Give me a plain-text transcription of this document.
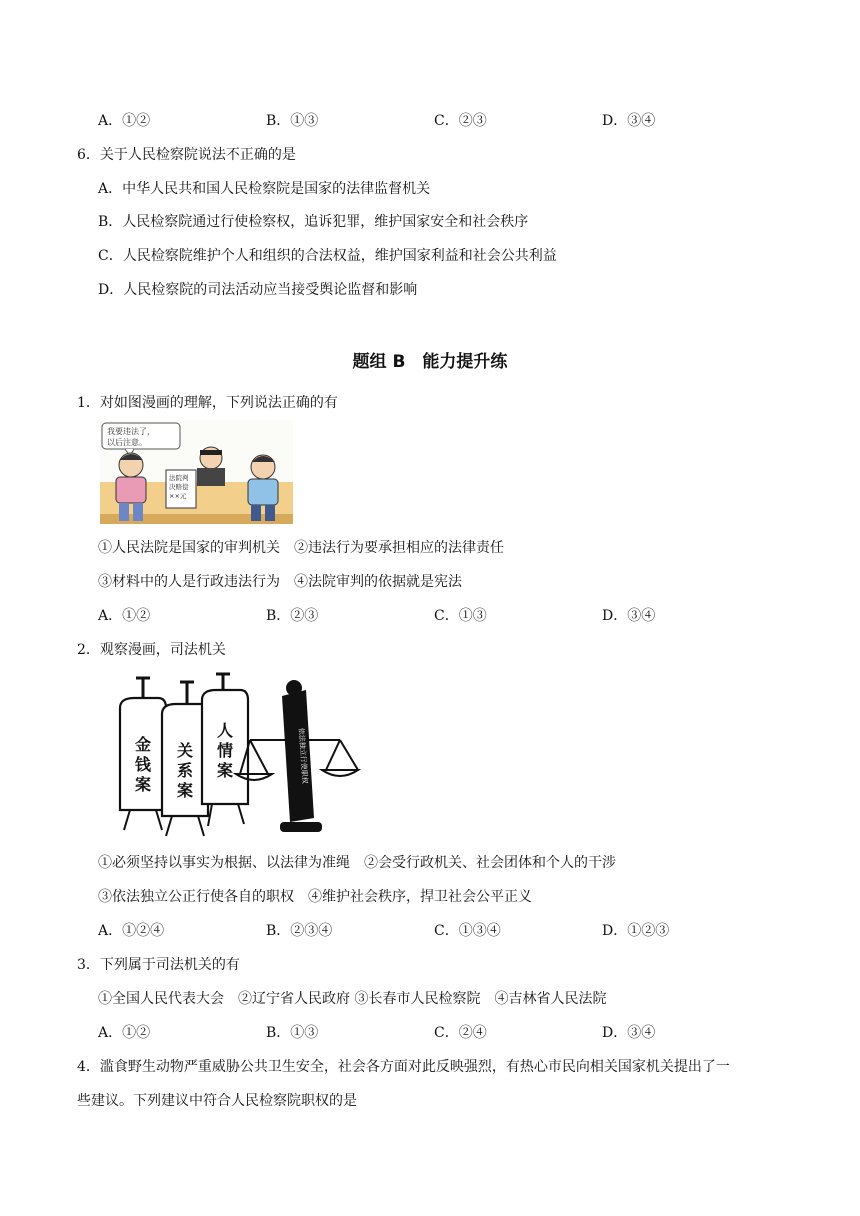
A．①②	B．①③	C．②③	D．③④
6．关于人民检察院说法不正确的是
A．中华人民共和国人民检察院是国家的法律监督机关
B．人民检察院通过行使检察权，追诉犯罪，维护国家安全和社会秩序
C．人民检察院维护个人和组织的合法权益，维护国家利益和社会公共利益
D．人民检察院的司法活动应当接受舆论监督和影响
题组 B　能力提升练
1．对如图漫画的理解，下列说法正确的有
我要违法了，
以后注意。
法院判
决赔偿
××元
①人民法院是国家的审判机关　②违法行为要承担相应的法律责任
③材料中的人是行政违法行为　④法院审判的依据就是宪法
A．①②	B．②③	C．①③	D．③④
2．观察漫画，司法机关
金
钱
案
关
系
案
人
情
案	依法独立行使职权
①必须坚持以事实为根据、以法律为准绳　②会受行政机关、社会团体和个人的干涉
③依法独立公正行使各自的职权　④维护社会秩序，捍卫社会公平正义
A．①②④	B．②③④	C．①③④	D．①②③
3．下列属于司法机关的有
①全国人民代表大会　②辽宁省人民政府 ③长春市人民检察院　④吉林省人民法院
A．①②	B．①③	C．②④	D．③④
4．滥食野生动物严重威胁公共卫生安全，社会各方面对此反映强烈，有热心市民向相关国家机关提出了一
些建议。下列建议中符合人民检察院职权的是
